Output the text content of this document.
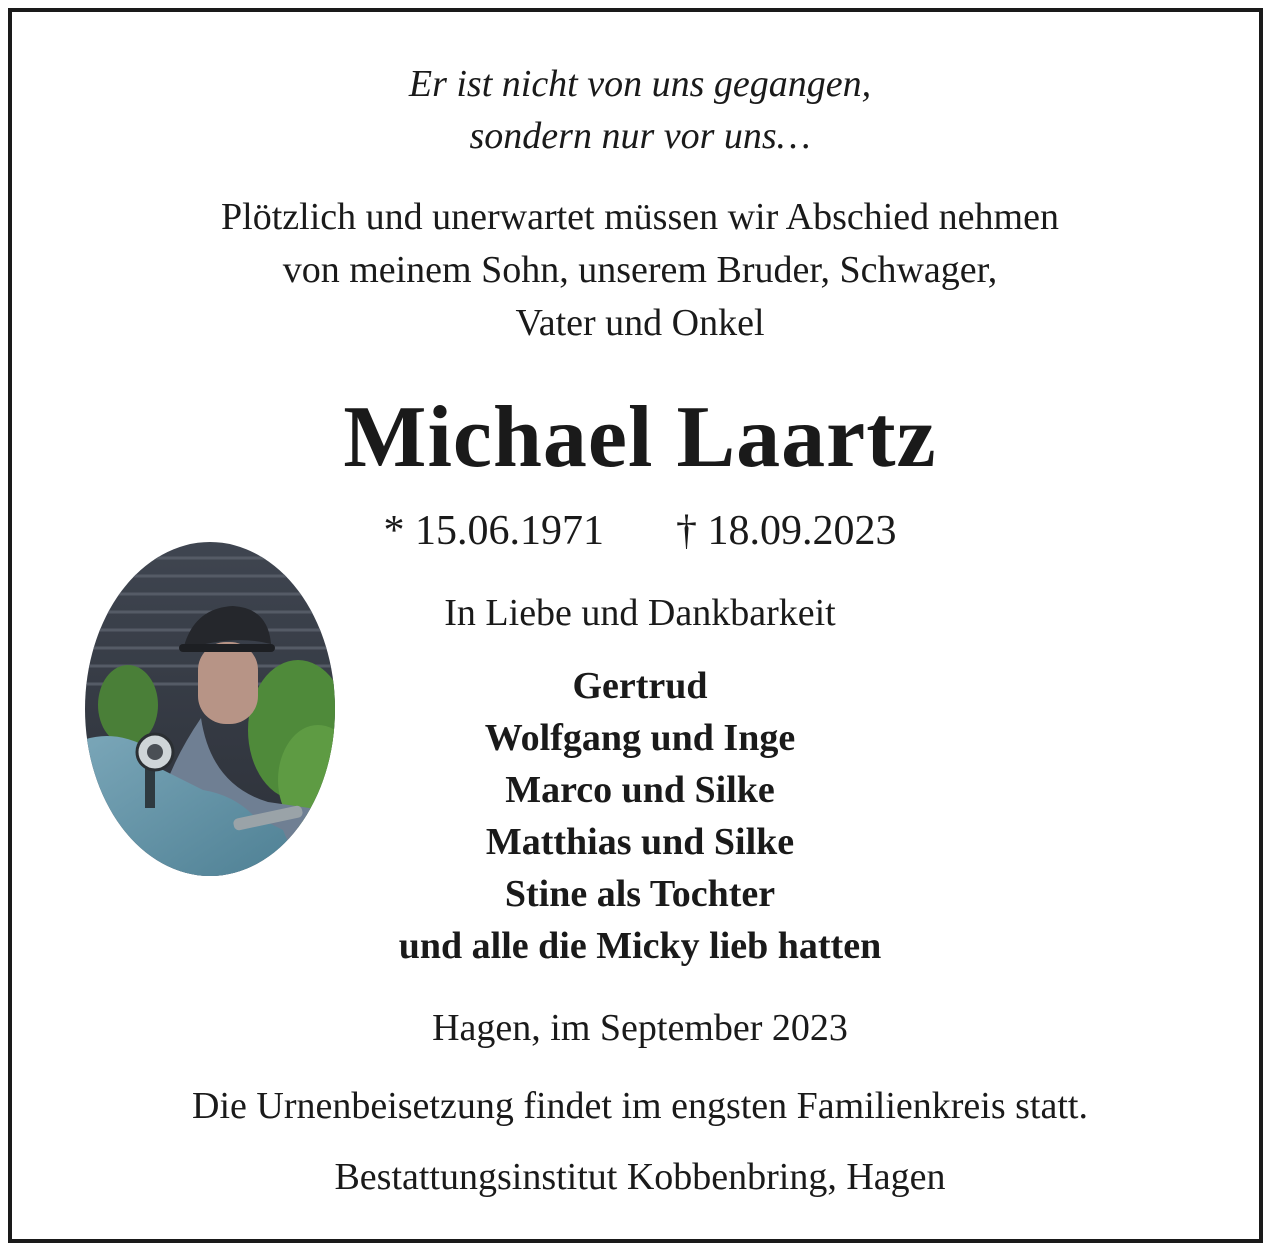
Er ist nicht von uns gegangen,

sondern nur vor uns…

Plötzlich und unerwartet müssen wir Abschied nehmen

von meinem Sohn, unserem Bruder, Schwager,

Vater und Onkel

Michael Laartz

* 15.06.1971 † 18.09.2023

In Liebe und Dankbarkeit

Gertrud

Wolfgang und Inge

Marco und Silke

Matthias und Silke

Stine als Tochter

und alle die Micky lieb hatten

Hagen, im September 2023

Die Urnenbeisetzung findet im engsten Familienkreis statt.

Bestattungsinstitut Kobbenbring, Hagen
